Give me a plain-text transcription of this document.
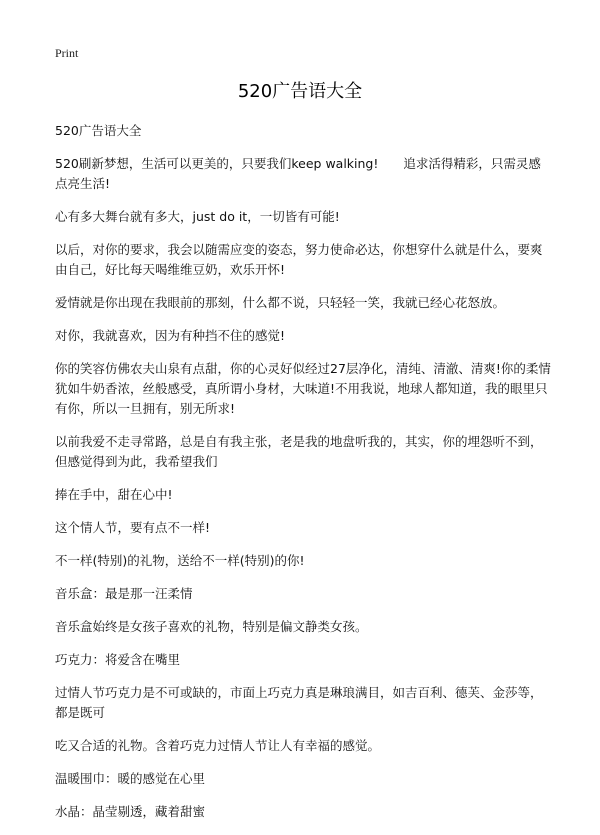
Print
520广告语大全

520广告语大全

520刷新梦想，生活可以更美的，只要我们keep walking!　　追求活得精彩，只需灵感点亮生活!

心有多大舞台就有多大，just do it，一切皆有可能!

以后，对你的要求，我会以随需应变的姿态，努力使命必达，你想穿什么就是什么，要爽由自己，好比每天喝维维豆奶，欢乐开怀!

爱情就是你出现在我眼前的那刻，什么都不说，只轻轻一笑，我就已经心花怒放。

对你，我就喜欢，因为有种挡不住的感觉!

你的笑容仿佛农夫山泉有点甜，你的心灵好似经过27层净化，清纯、清澈、清爽!你的柔情犹如牛奶香浓，丝般感受，真所谓小身材，大味道!不用我说，地球人都知道，我的眼里只有你，所以一旦拥有，别无所求!

以前我爱不走寻常路，总是自有我主张，老是我的地盘听我的，其实，你的埋怨听不到，但感觉得到为此，我希望我们

捧在手中，甜在心中!

这个情人节，要有点不一样!

不一样(特别)的礼物，送给不一样(特别)的你!

音乐盒：最是那一汪柔情

音乐盒始终是女孩子喜欢的礼物，特别是偏文静类女孩。

巧克力：将爱含在嘴里

过情人节巧克力是不可或缺的，市面上巧克力真是琳琅满目，如吉百利、德芙、金莎等，都是既可

吃又合适的礼物。含着巧克力过情人节让人有幸福的感觉。

温暖围巾：暖的感觉在心里

水晶：晶莹剔透，藏着甜蜜
